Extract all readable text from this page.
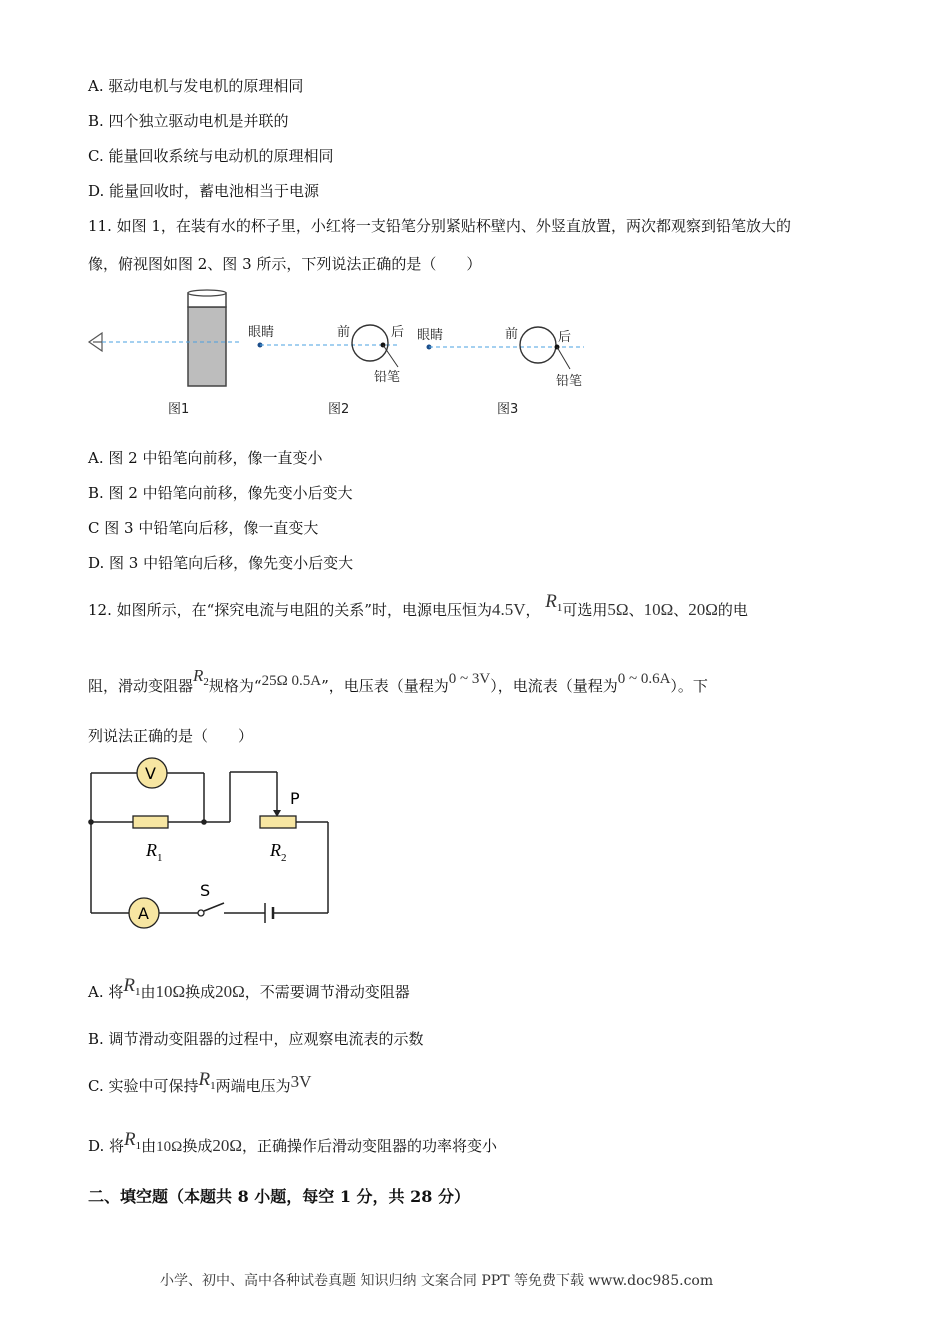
A. 驱动电机与发电机的原理相同
B. 四个独立驱动电机是并联的
C. 能量回收系统与电动机的原理相同
D. 能量回收时，蓄电池相当于电源
11. 如图 1，在装有水的杯子里，小红将一支铅笔分别紧贴杯壁内、外竖直放置，两次都观察到铅笔放大的
像，俯视图如图 2、图 3 所示，下列说法正确的是（　　）
图1
眼睛	前	后
铅笔
图2
眼睛	前	后
铅笔
图3
A. 图 2 中铅笔向前移，像一直变小
B. 图 2 中铅笔向前移，像先变小后变大
C 图 3 中铅笔向后移，像一直变大
D. 图 3 中铅笔向后移，像先变小后变大
12. 如图所示，在“探究电流与电阻的关系”时，电源电压恒为4.5V， $R^1$可选用5Ω、10Ω、20Ω的电
阻，滑动变阻器$R^2$规格为“25Ω 0.5A”，电压表（量程为0 ~ 3V），电流表（量程为0 ~ 0.6A）。下
列说法正确的是（　　）
V
A
P
S
$R_1$	$R_2$
A. 将R1由10Ω换成20Ω，不需要调节滑动变阻器
B. 调节滑动变阻器的过程中，应观察电流表的示数
C. 实验中可保持R1两端电压为3V
D. 将R1由10Ω换成20Ω，正确操作后滑动变阻器的功率将变小
二、填空题（本题共 8 小题，每空 1 分，共 28 分）
小学、初中、高中各种试卷真题 知识归纳 文案合同 PPT 等免费下载 www.doc985.com
